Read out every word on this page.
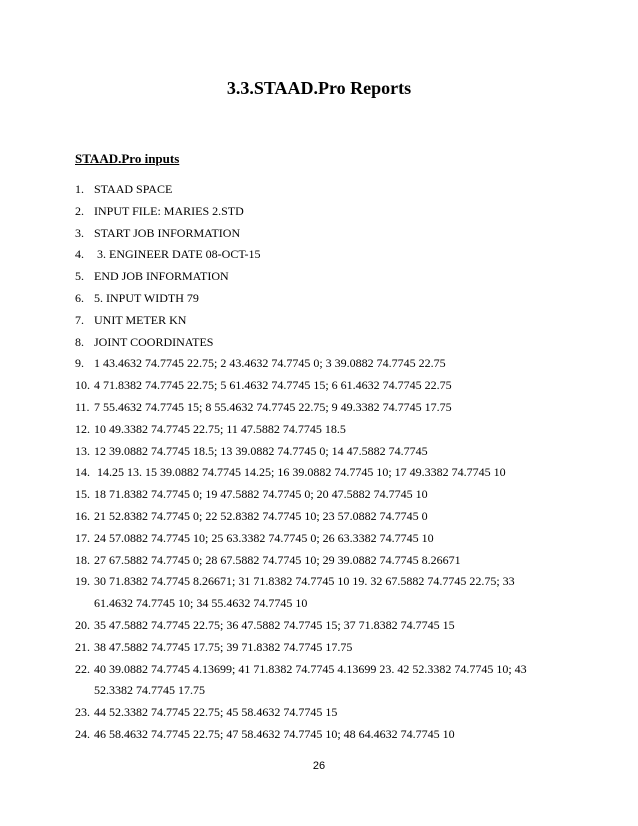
3.3.STAAD.Pro Reports
STAAD.Pro inputs
1. STAAD SPACE
2. INPUT FILE: MARIES 2.STD
3. START JOB INFORMATION
4. 3. ENGINEER DATE 08-OCT-15
5. END JOB INFORMATION
6. 5. INPUT WIDTH 79
7. UNIT METER KN
8. JOINT COORDINATES
9. 1 43.4632 74.7745 22.75; 2 43.4632 74.7745 0; 3 39.0882 74.7745 22.75
10. 4 71.8382 74.7745 22.75; 5 61.4632 74.7745 15; 6 61.4632 74.7745 22.75
11. 7 55.4632 74.7745 15; 8 55.4632 74.7745 22.75; 9 49.3382 74.7745 17.75
12. 10 49.3382 74.7745 22.75; 11 47.5882 74.7745 18.5
13. 12 39.0882 74.7745 18.5; 13 39.0882 74.7745 0; 14 47.5882 74.7745
14. 14.25 13. 15 39.0882 74.7745 14.25; 16 39.0882 74.7745 10; 17 49.3382 74.7745 10
15. 18 71.8382 74.7745 0; 19 47.5882 74.7745 0; 20 47.5882 74.7745 10
16. 21 52.8382 74.7745 0; 22 52.8382 74.7745 10; 23 57.0882 74.7745 0
17. 24 57.0882 74.7745 10; 25 63.3382 74.7745 0; 26 63.3382 74.7745 10
18. 27 67.5882 74.7745 0; 28 67.5882 74.7745 10; 29 39.0882 74.7745 8.26671
19. 30 71.8382 74.7745 8.26671; 31 71.8382 74.7745 10 19. 32 67.5882 74.7745 22.75; 33
61.4632 74.7745 10; 34 55.4632 74.7745 10
20. 35 47.5882 74.7745 22.75; 36 47.5882 74.7745 15; 37 71.8382 74.7745 15
21. 38 47.5882 74.7745 17.75; 39 71.8382 74.7745 17.75
22. 40 39.0882 74.7745 4.13699; 41 71.8382 74.7745 4.13699 23. 42 52.3382 74.7745 10; 43
52.3382 74.7745 17.75
23. 44 52.3382 74.7745 22.75; 45 58.4632 74.7745 15
24. 46 58.4632 74.7745 22.75; 47 58.4632 74.7745 10; 48 64.4632 74.7745 10
26
